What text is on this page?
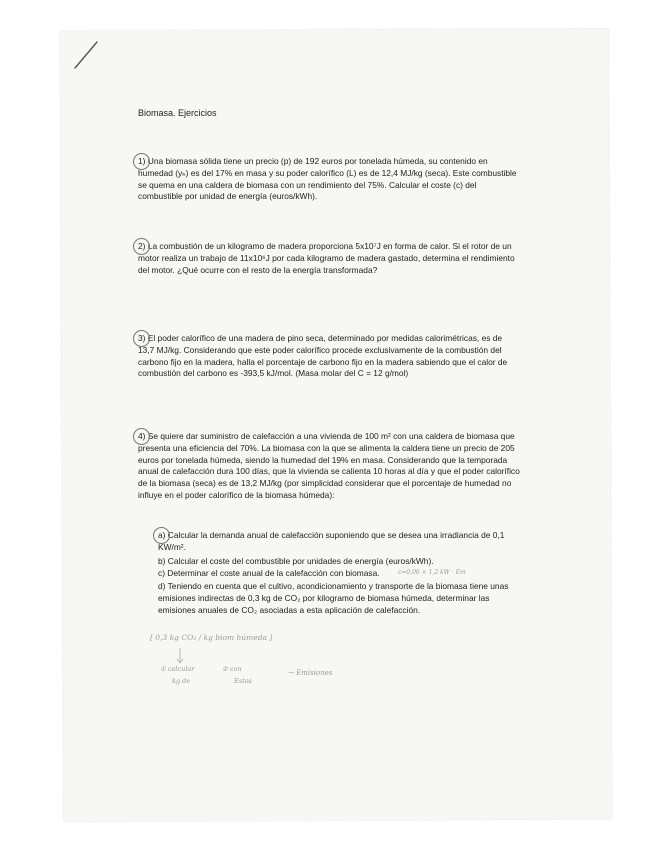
Biomasa. Ejercicios

1) Una biomasa sólida tiene un precio (p) de 192 euros por tonelada húmeda, su contenido en humedad (yₕ) es del 17% en masa y su poder calorífico (L) es de 12,4 MJ/kg (seca). Este combustible se quema en una caldera de biomasa con un rendimiento del 75%. Calcular el coste (c) del combustible por unidad de energía (euros/kWh).

2) La combustión de un kilogramo de madera proporciona 5x10⁷J en forma de calor. Si el rotor de un motor realiza un trabajo de 11x10⁶J por cada kilogramo de madera gastado, determina el rendimiento del motor. ¿Qué ocurre con el resto de la energía transformada?

3) El poder calorífico de una madera de pino seca, determinado por medidas calorimétricas, es de 13,7 MJ/kg. Considerando que este poder calorífico procede exclusivamente de la combustión del carbono fijo en la madera, halla el porcentaje de carbono fijo en la madera sabiendo que el calor de combustión del carbono es -393,5 kJ/mol. (Masa molar del C = 12 g/mol)

4) Se quiere dar suministro de calefacción a una vivienda de 100 m² con una caldera de biomasa que presenta una eficiencia del 70%. La biomasa con la que se alimenta la caldera tiene un precio de 205 euros por tonelada húmeda, siendo la humedad del 19% en masa. Considerando que la temporada anual de calefacción dura 100 días, que la vivienda se calienta 10 horas al día y que el poder calorífico de la biomasa (seca) es de 13,2 MJ/kg (por simplicidad considerar que el porcentaje de humedad no influye en el poder calorífico de la biomasa húmeda):

a) Calcular la demanda anual de calefacción suponiendo que se desea una irradiancia de 0,1 KW/m².

b) Calcular el coste del combustible por unidades de energía (euros/kWh).

c) Determinar el coste anual de la calefacción con biomasa.

d) Teniendo en cuenta que el cultivo, acondicionamiento y transporte de la biomasa tiene unas emisiones indirectas de 0,3 kg de CO₂ por kilogramo de biomasa húmeda, determinar las emisiones anuales de CO₂ asociadas a esta aplicación de calefacción.

c=0,06 × 1,2 kW · Em
[ 0,3 kg CO₂ / kg biom húmeda ]
① calcular
kg de
② con
Estos
→ Emisiones
